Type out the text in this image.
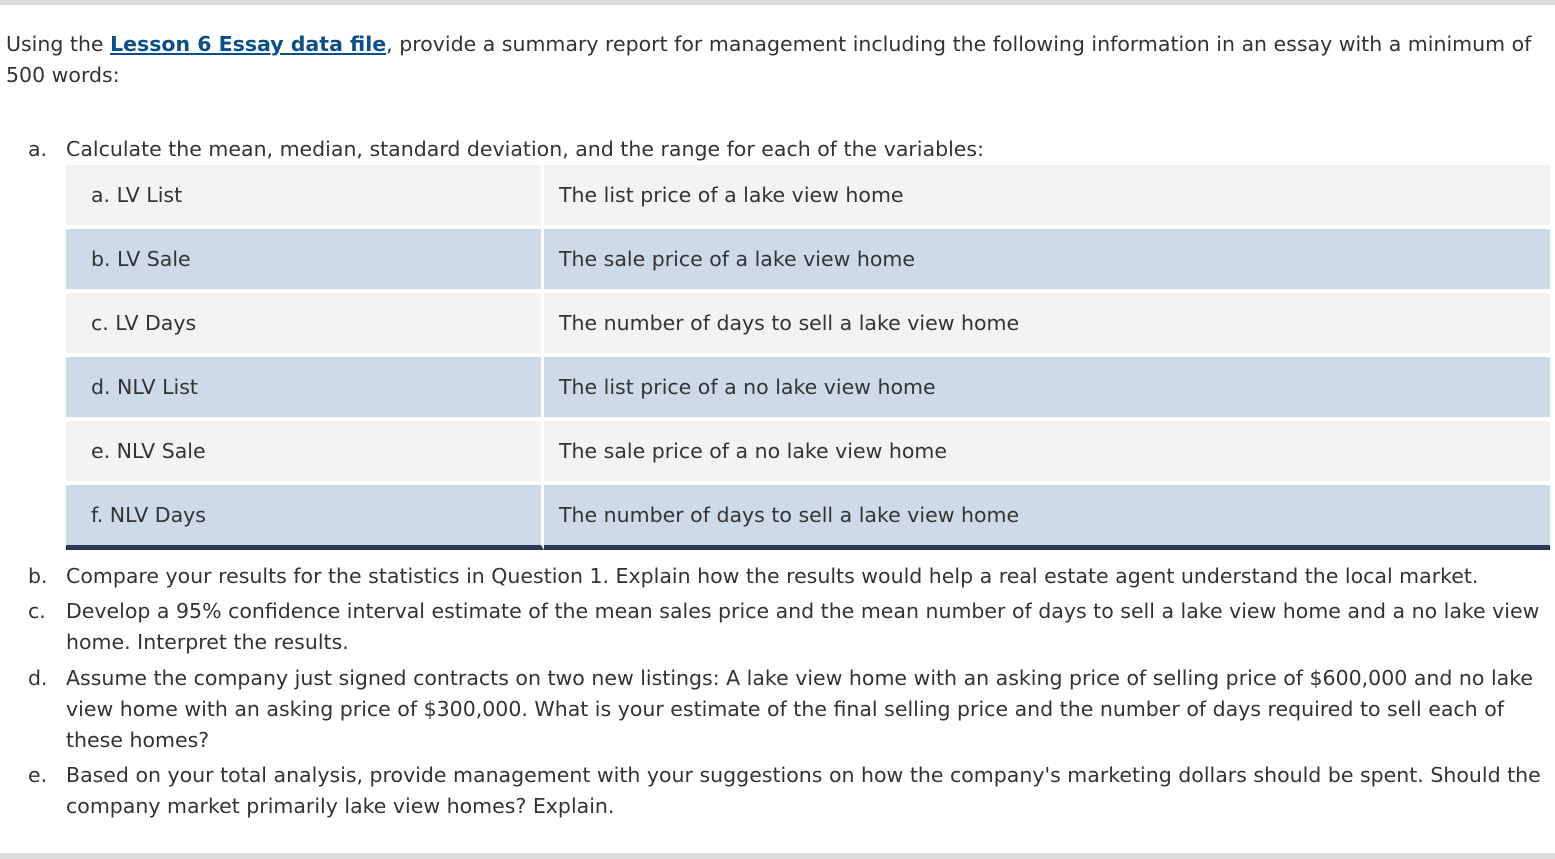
Using the Lesson 6 Essay data file, provide a summary report for management including the following information in an essay with a minimum of 500 words:

a. Calculate the mean, median, standard deviation, and the range for each of the variables:
b. Compare your results for the statistics in Question 1. Explain how the results would help a real estate agent understand the local market.
c. Develop a 95% confidence interval estimate of the mean sales price and the mean number of days to sell a lake view home and a no lake view home. Interpret the results.
d. Assume the company just signed contracts on two new listings: A lake view home with an asking price of selling price of $600,000 and no lake view home with an asking price of $300,000. What is your estimate of the final selling price and the number of days required to sell each of these homes?
e. Based on your total analysis, provide management with your suggestions on how the company's marketing dollars should be spent. Should the company market primarily lake view homes? Explain.
a. LV List	The list price of a lake view home
b. LV Sale	The sale price of a lake view home
c. LV Days	The number of days to sell a lake view home
d. NLV List	The list price of a no lake view home
e. NLV Sale	The sale price of a no lake view home
f. NLV Days	The number of days to sell a lake view home
